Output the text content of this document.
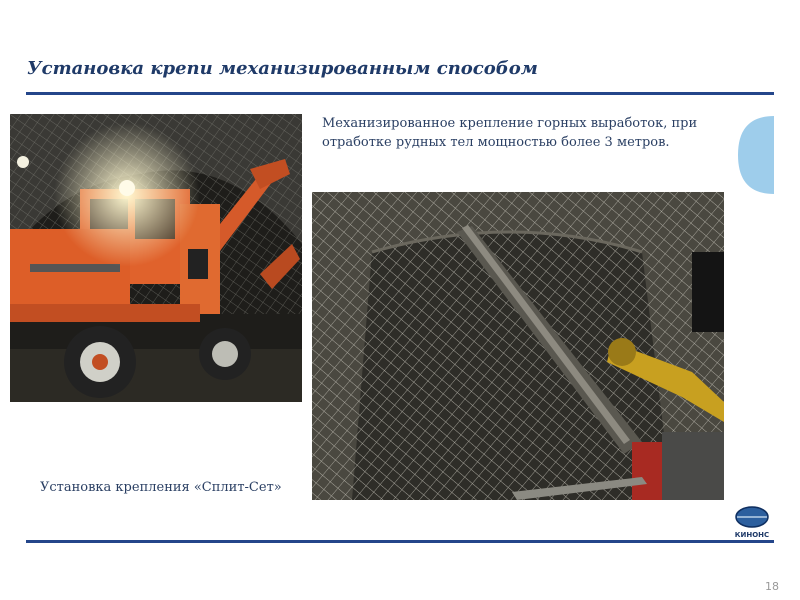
Установка крепи механизированным способом
Механизированное крепление горных выработок, при отработке рудных тел мощностью более 3 метров.
Установка крепления «Сплит-Сет»
КИНОНС
18
